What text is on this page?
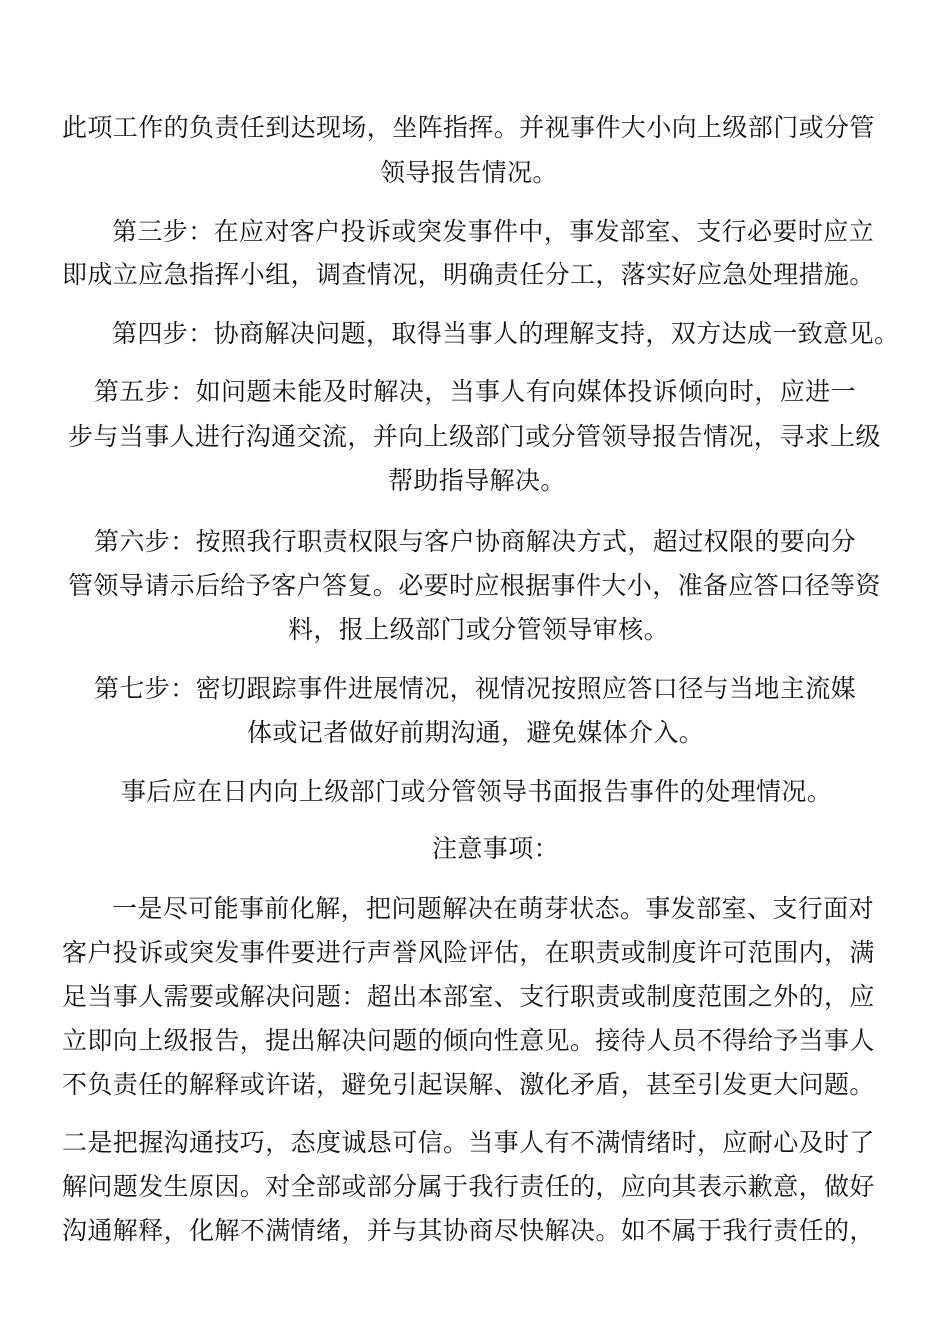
此项工作的负责任到达现场，坐阵指挥。并视事件大小向上级部门或分管
领导报告情况。
第三步：在应对客户投诉或突发事件中，事发部室、支行必要时应立
即成立应急指挥小组，调查情况，明确责任分工，落实好应急处理措施。
第四步：协商解决问题，取得当事人的理解支持，双方达成一致意见。
第五步：如问题未能及时解决，当事人有向媒体投诉倾向时，应进一
步与当事人进行沟通交流，并向上级部门或分管领导报告情况，寻求上级
帮助指导解决。
第六步：按照我行职责权限与客户协商解决方式，超过权限的要向分
管领导请示后给予客户答复。必要时应根据事件大小，准备应答口径等资
料，报上级部门或分管领导审核。
第七步：密切跟踪事件进展情况，视情况按照应答口径与当地主流媒
体或记者做好前期沟通，避免媒体介入。
事后应在日内向上级部门或分管领导书面报告事件的处理情况。
注意事项：
一是尽可能事前化解，把问题解决在萌芽状态。事发部室、支行面对
客户投诉或突发事件要进行声誉风险评估，在职责或制度许可范围内，满
足当事人需要或解决问题：超出本部室、支行职责或制度范围之外的，应
立即向上级报告，提出解决问题的倾向性意见。接待人员不得给予当事人
不负责任的解释或许诺，避免引起误解、激化矛盾，甚至引发更大问题。
二是把握沟通技巧，态度诚恳可信。当事人有不满情绪时，应耐心及时了
解问题发生原因。对全部或部分属于我行责任的，应向其表示歉意，做好
沟通解释，化解不满情绪，并与其协商尽快解决。如不属于我行责任的，
